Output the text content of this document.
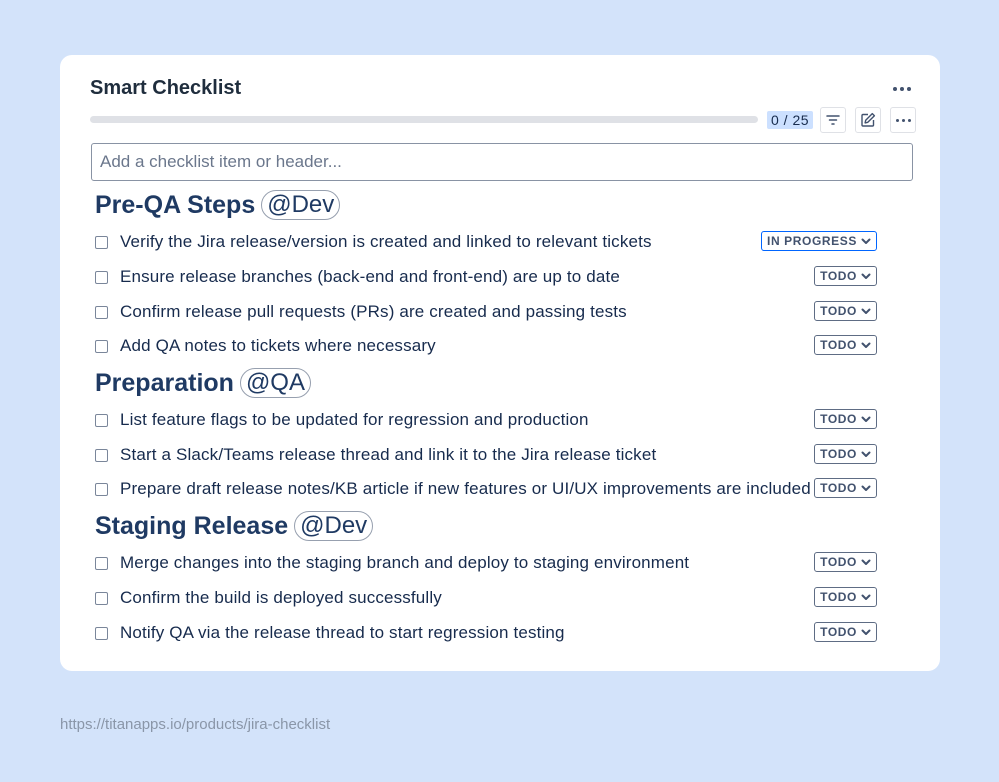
Smart Checklist
0 / 25
Add a checklist item or header...
Pre-QA Steps @Dev
Verify the Jira release/version is created and linked to relevant tickets	IN PROGRESS
Ensure release branches (back-end and front-end) are up to date	TODO
Confirm release pull requests (PRs) are created and passing tests	TODO
Add QA notes to tickets where necessary	TODO
Preparation @QA
List feature flags to be updated for regression and production	TODO
Start a Slack/Teams release thread and link it to the Jira release ticket	TODO
Prepare draft release notes/KB article if new features or UI/UX improvements are included TODO
Staging Release @Dev
Merge changes into the staging branch and deploy to staging environment	TODO
Confirm the build is deployed successfully	TODO
Notify QA via the release thread to start regression testing	TODO
https://titanapps.io/products/jira-checklist
